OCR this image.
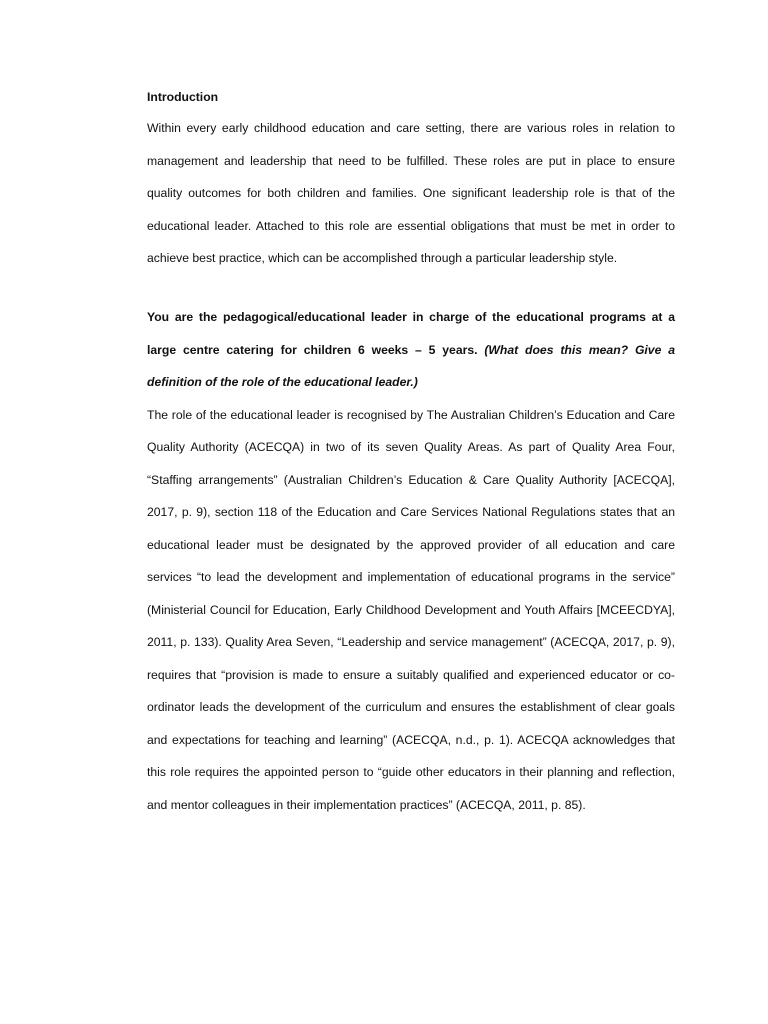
Introduction

Within every early childhood education and care setting, there are various roles in relation to management and leadership that need to be fulfilled. These roles are put in place to ensure quality outcomes for both children and families. One significant leadership role is that of the educational leader. Attached to this role are essential obligations that must be met in order to achieve best practice, which can be accomplished through a particular leadership style.

You are the pedagogical/educational leader in charge of the educational programs at a large centre catering for children 6 weeks – 5 years. (What does this mean? Give a definition of the role of the educational leader.)

The role of the educational leader is recognised by The Australian Children’s Education and Care Quality Authority (ACECQA) in two of its seven Quality Areas. As part of Quality Area Four, “Staffing arrangements” (Australian Children’s Education & Care Quality Authority [ACECQA], 2017, p. 9), section 118 of the Education and Care Services National Regulations states that an educational leader must be designated by the approved provider of all education and care services “to lead the development and implementation of educational programs in the service” (Ministerial Council for Education, Early Childhood Development and Youth Affairs [MCEECDYA], 2011, p. 133). Quality Area Seven, “Leadership and service management” (ACECQA, 2017, p. 9), requires that “provision is made to ensure a suitably qualified and experienced educator or co-ordinator leads the development of the curriculum and ensures the establishment of clear goals and expectations for teaching and learning” (ACECQA, n.d., p. 1). ACECQA acknowledges that this role requires the appointed person to “guide other educators in their planning and reflection, and mentor colleagues in their implementation practices” (ACECQA, 2011, p. 85).
